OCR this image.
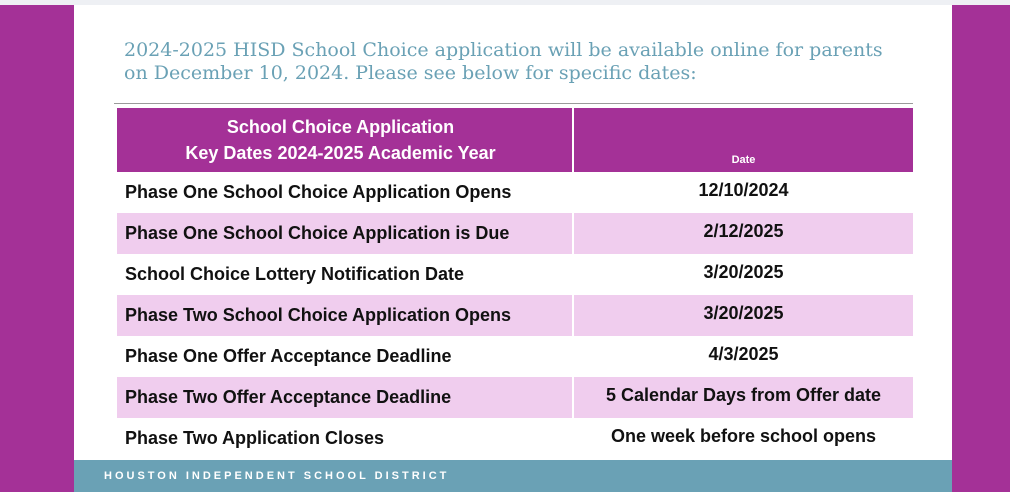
2024-2025 HISD School Choice application will be available online for parents on December 10, 2024. Please see below for specific dates:
School Choice Application
Key Dates 2024-2025 Academic Year	Date
Phase One School Choice Application Opens	12/10/2024
Phase One School Choice Application is Due	2/12/2025
School Choice Lottery Notification Date	3/20/2025
Phase Two School Choice Application Opens	3/20/2025
Phase One Offer Acceptance Deadline	4/3/2025
Phase Two Offer Acceptance Deadline	5 Calendar Days from Offer date
Phase Two Application Closes	One week before school opens
HOUSTON INDEPENDENT SCHOOL DISTRICT
